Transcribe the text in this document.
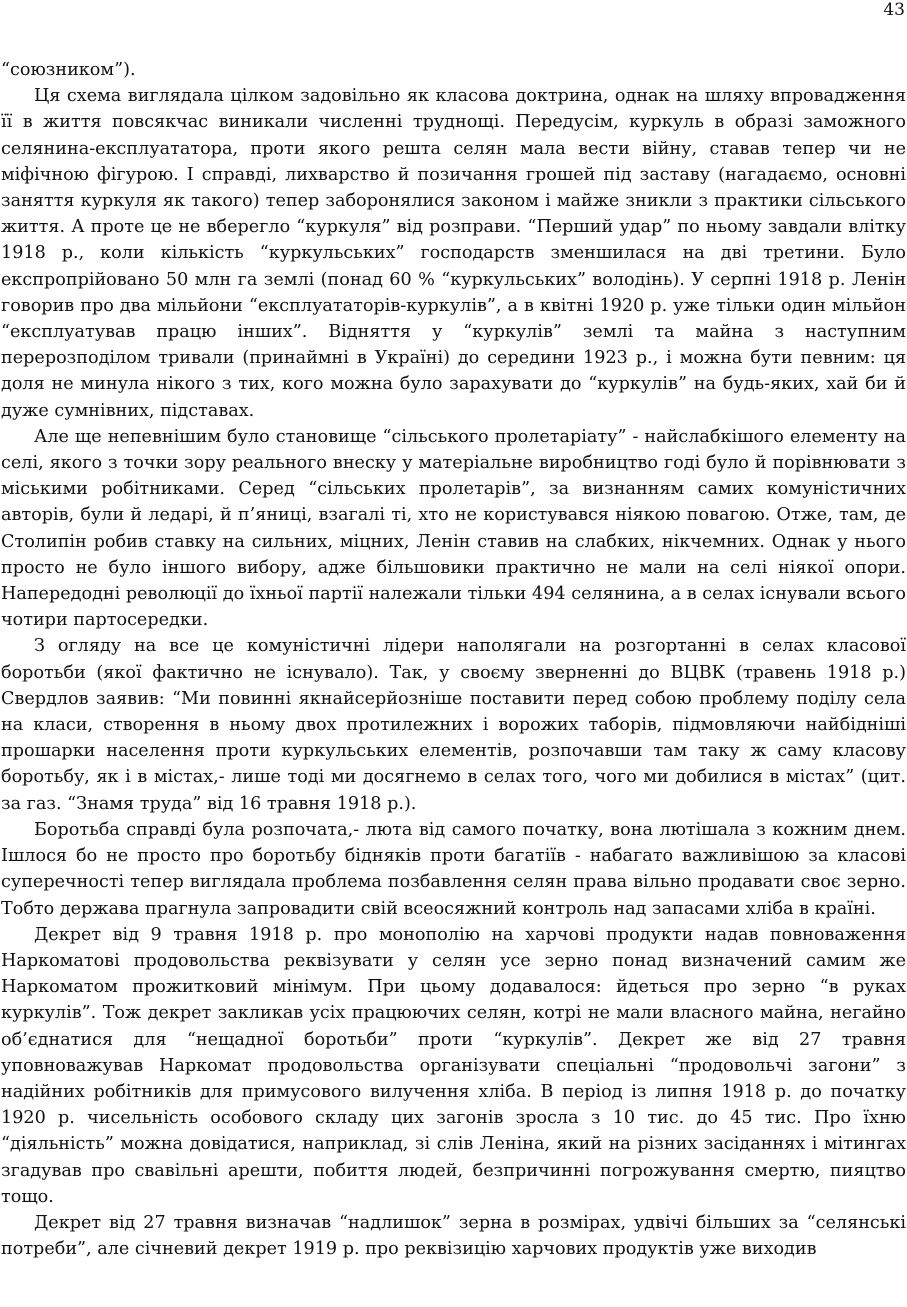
43

“союзником”).

Ця схема виглядала цілком задовільно як класова доктрина, однак на шляху впровадження її в життя повсякчас виникали численні труднощі. Передусім, куркуль в образі заможного селянина-експлуататора, проти якого решта селян мала вести війну, ставав тепер чи не міфічною фігурою. І справді, лихварство й позичання грошей під заставу (нагадаємо, основні заняття куркуля як такого) тепер заборонялися законом і майже зникли з практики сільського життя. А проте це не вберегло “куркуля” від розправи. “Перший удар” по ньому завдали влітку 1918 р., коли кількість “куркульських” господарств зменшилася на дві третини. Було експропрійовано 50 млн га землі (понад 60 % “куркульських” володінь). У серпні 1918 р. Ленін говорив про два мільйони “експлуататорів-куркулів”, а в квітні 1920 р. уже тільки один мільйон “експлуатував працю інших”. Відняття у “куркулів” землі та майна з наступним перерозподілом тривали (принаймні в Україні) до середини 1923 р., і можна бути певним: ця доля не минула нікого з тих, кого можна було зарахувати до “куркулів” на будь-яких, хай би й дуже сумнівних, підставах.

Але ще непевнішим було становище “сільського пролетаріату” - найслабкішого елементу на селі, якого з точки зору реального внеску у матеріальне виробництво годі було й порівнювати з міськими робітниками. Серед “сільських пролетарів”, за визнанням самих комуністичних авторів, були й ледарі, й п’яниці, взагалі ті, хто не користувався ніякою повагою. Отже, там, де Столипін робив ставку на сильних, міцних, Ленін ставив на слабких, нікчемних. Однак у нього просто не було іншого вибору, адже більшовики практично не мали на селі ніякої опори. Напередодні революції до їхньої партії належали тільки 494 селянина, а в селах існували всього чотири партосередки.

З огляду на все це комуністичні лідери наполягали на розгортанні в селах класової боротьби (якої фактично не існувало). Так, у своєму зверненні до ВЦВК (травень 1918 р.) Свердлов заявив: “Ми повинні якнайсерйозніше поставити перед собою проблему поділу села на класи, створення в ньому двох протилежних і ворожих таборів, підмовляючи найбідніші прошарки населення проти куркульських елементів, розпочавши там таку ж саму класову боротьбу, як і в містах,- лише тоді ми досягнемо в селах того, чого ми добилися в містах” (цит. за газ. “Знамя труда” від 16 травня 1918 р.).

Боротьба справді була розпочата,- люта від самого початку, вона лютішала з кожним днем. Ішлося бо не просто про боротьбу бідняків проти багатіїв - набагато важливішою за класові суперечності тепер виглядала проблема позбавлення селян права вільно продавати своє зерно. Тобто держава прагнула запровадити свій всеосяжний контроль над запасами хліба в країні.

Декрет від 9 травня 1918 р. про монополію на харчові продукти надав повноваження Наркоматові продовольства реквізувати у селян усе зерно понад визначений самим же Наркоматом прожитковий мінімум. При цьому додавалося: йдеться про зерно “в руках куркулів”. Тож декрет закликав усіх працюючих селян, котрі не мали власного майна, негайно об’єднатися для “нещадної боротьби” проти “куркулів”. Декрет же від 27 травня уповноважував Наркомат продовольства організувати спеціальні “продовольчі загони” з надійних робітників для примусового вилучення хліба. В період із липня 1918 р. до початку 1920 р. чисельність особового складу цих загонів зросла з 10 тис. до 45 тис. Про їхню “діяльність” можна довідатися, наприклад, зі слів Леніна, який на різних засіданнях і мітингах згадував про свавільні арешти, побиття людей, безпричинні погрожування смертю, пияцтво тощо.

Декрет від 27 травня визначав “надлишок” зерна в розмірах, удвічі більших за “селянські потреби”, але січневий декрет 1919 р. про реквізицію харчових продуктів уже виходив
